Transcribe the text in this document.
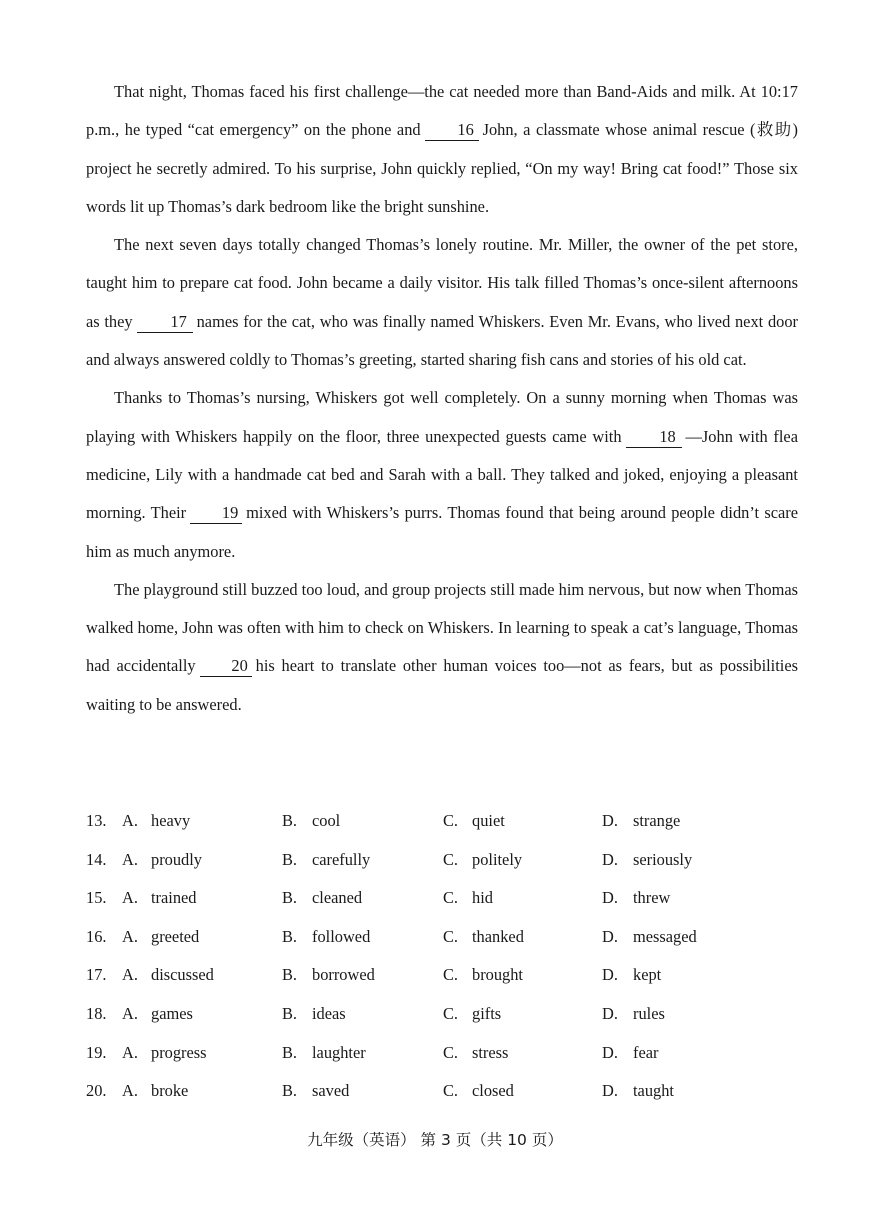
That night, Thomas faced his first challenge—the cat needed more than Band-Aids and milk. At 10:17 p.m., he typed “cat emergency” on the phone and 16 John, a classmate whose animal rescue (救助) project he secretly admired. To his surprise, John quickly replied, “On my way! Bring cat food!” Those six words lit up Thomas’s dark bedroom like the bright sunshine.

The next seven days totally changed Thomas’s lonely routine. Mr. Miller, the owner of the pet store, taught him to prepare cat food. John became a daily visitor. His talk filled Thomas’s once-silent afternoons as they 17 names for the cat, who was finally named Whiskers. Even Mr. Evans, who lived next door and always answered coldly to Thomas’s greeting, started sharing fish cans and stories of his old cat.

Thanks to Thomas’s nursing, Whiskers got well completely. On a sunny morning when Thomas was playing with Whiskers happily on the floor, three unexpected guests came with 18 —John with flea medicine, Lily with a handmade cat bed and Sarah with a ball. They talked and joked, enjoying a pleasant morning. Their 19 mixed with Whiskers’s purrs. Thomas found that being around people didn’t scare him as much anymore.

The playground still buzzed too loud, and group projects still made him nervous, but now when Thomas walked home, John was often with him to check on Whiskers. In learning to speak a cat’s language, Thomas had accidentally 20 his heart to translate other human voices too—not as fears, but as possibilities waiting to be answered.

13. A. heavy	B. cool	C. quiet	D. strange
14. A. proudly	B. carefully	C. politely	D. seriously
15. A. trained	B. cleaned	C. hid	D. threw
16. A. greeted	B. followed	C. thanked	D. messaged
17. A. discussed	B. borrowed	C. brought	D. kept
18. A. games	B. ideas	C. gifts	D. rules
19. A. progress	B. laughter	C. stress	D. fear
20. A. broke	B. saved	C. closed	D. taught
九年级（英语） 第 3 页（共 10 页）
